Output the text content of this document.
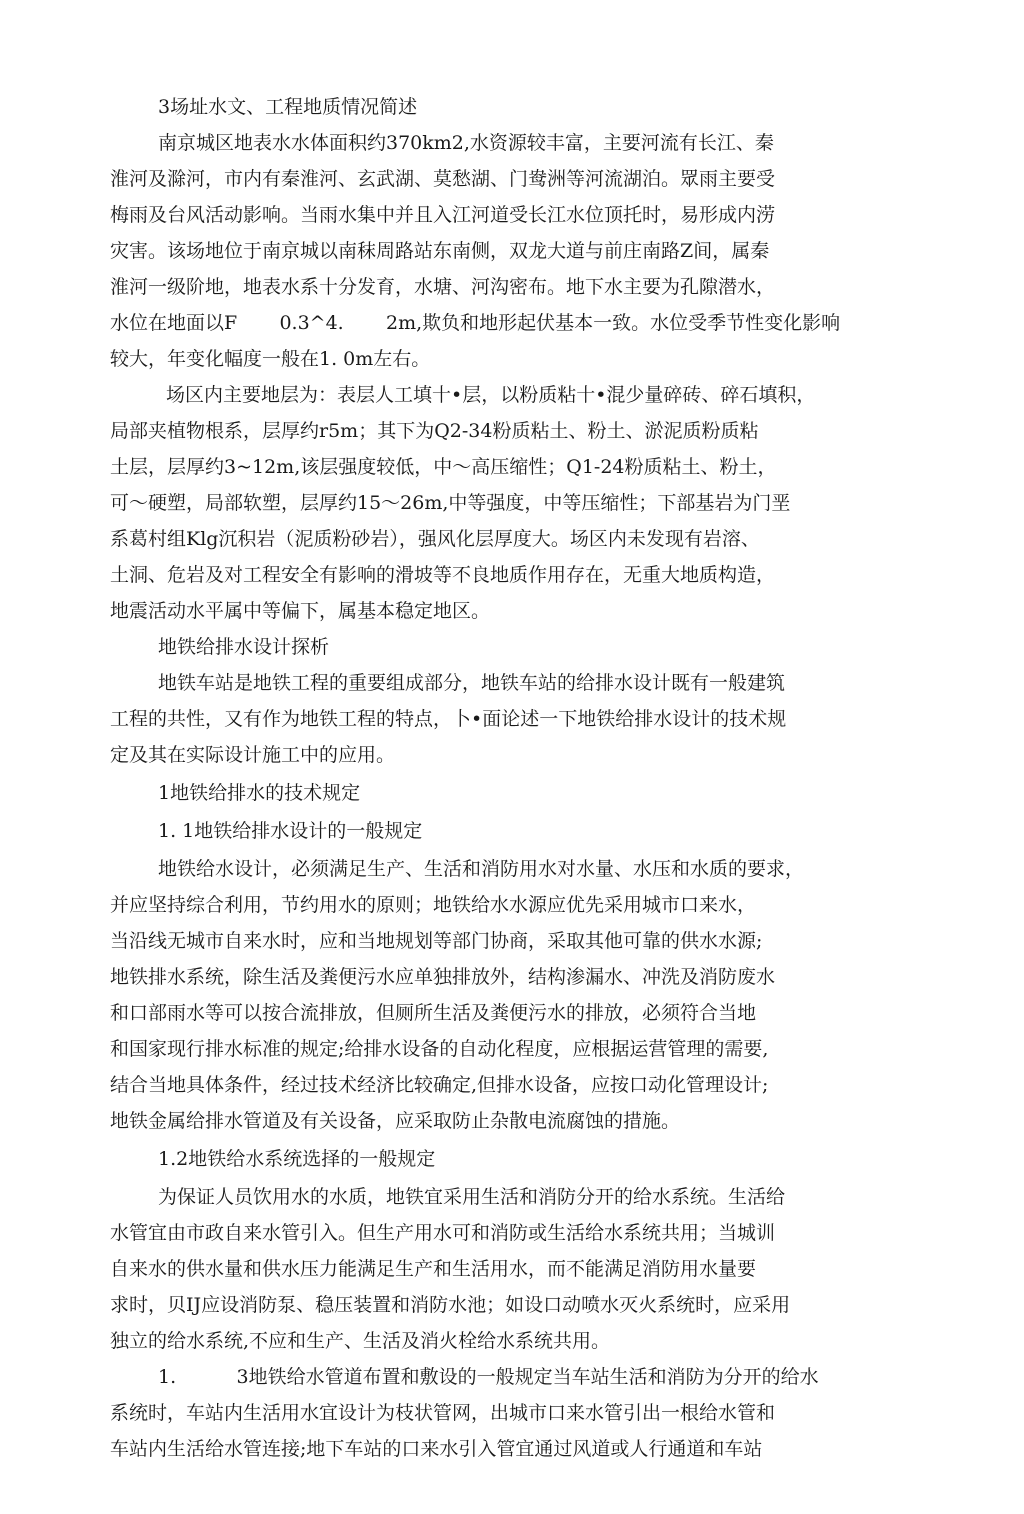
3场址水文、工程地质情况简述
南京城区地表水水体面积约370km2,水资源较丰富，主要河流有长江、秦
淮河及滁河，市内有秦淮河、玄武湖、莫愁湖、门鸯洲等河流湖泊。眾雨主要受
梅雨及台风活动影响。当雨水集中并且入江河道受长江水位顶托时，易形成内涝
灾害。该场地位于南京城以南秣周路站东南侧，双龙大道与前庄南路Z间，属秦
淮河一级阶地，地表水系十分发育，水塘、河沟密布。地下水主要为孔隙潜水，
水位在地面以F       0.3^4.       2m,欺负和地形起伏基本一致。水位受季节性变化影响
较大，年变化幅度一般在1. 0m左右。
场区内主要地层为：表层人工填十•层，以粉质粘十•混少量碎砖、碎石填积，
局部夹植物根系，层厚约r5m；其下为Q2-34粉质粘土、粉土、淤泥质粉质粘
土层，层厚约3~12m,该层强度较低，中〜高压缩性；Q1-24粉质粘土、粉土，
可〜硬塑，局部软塑，层厚约15〜26m,中等强度，中等压缩性；下部基岩为门垩
系葛村组Klg沉积岩（泥质粉砂岩），强风化层厚度大。场区内未发现有岩溶、
土洞、危岩及对工程安全有影响的滑坡等不良地质作用存在，无重大地质构造，
地震活动水平属中等偏下，属基本稳定地区。
地铁给排水设计探析
地铁车站是地铁工程的重要组成部分，地铁车站的给排水设计既有一般建筑
工程的共性，又有作为地铁工程的特点，卜•面论述一下地铁给排水设计的技术规
定及其在实际设计施工中的应用。
1地铁给排水的技术规定
1. 1地铁给排水设计的一般规定
地铁给水设计，必须满足生产、生活和消防用水对水量、水压和水质的要求，
并应坚持综合利用，节约用水的原则；地铁给水水源应优先采用城市口来水，
当沿线无城市自来水时，应和当地规划等部门协商，采取其他可靠的供水水源;
地铁排水系统，除生活及粪便污水应单独排放外，结构渗漏水、冲洗及消防废水
和口部雨水等可以按合流排放，但厕所生活及粪便污水的排放，必须符合当地
和国家现行排水标准的规定;给排水设备的自动化程度，应根据运营管理的需要,
结合当地具体条件，经过技术经济比较确定,但排水设备，应按口动化管理设计;
地铁金属给排水管道及有关设备，应采取防止杂散电流腐蚀的措施。
1.2地铁给水系统选择的一般规定
为保证人员饮用水的水质，地铁宜采用生活和消防分开的给水系统。生活给
水管宜由市政自来水管引入。但生产用水可和消防或生活给水系统共用；当城训
自来水的供水量和供水压力能满足生产和生活用水，而不能满足消防用水量要
求时，贝IJ应设消防泵、稳压装置和消防水池；如设口动喷水灭火系统时，应采用
独立的给水系统,不应和生产、生活及消火栓给水系统共用。
1.          3地铁给水管道布置和敷设的一般规定当车站生活和消防为分开的给水
系统时，车站内生活用水宜设计为枝状管网，出城市口来水管引出一根给水管和
车站内生活给水管连接;地下车站的口来水引入管宜通过风道或人行通道和车站
